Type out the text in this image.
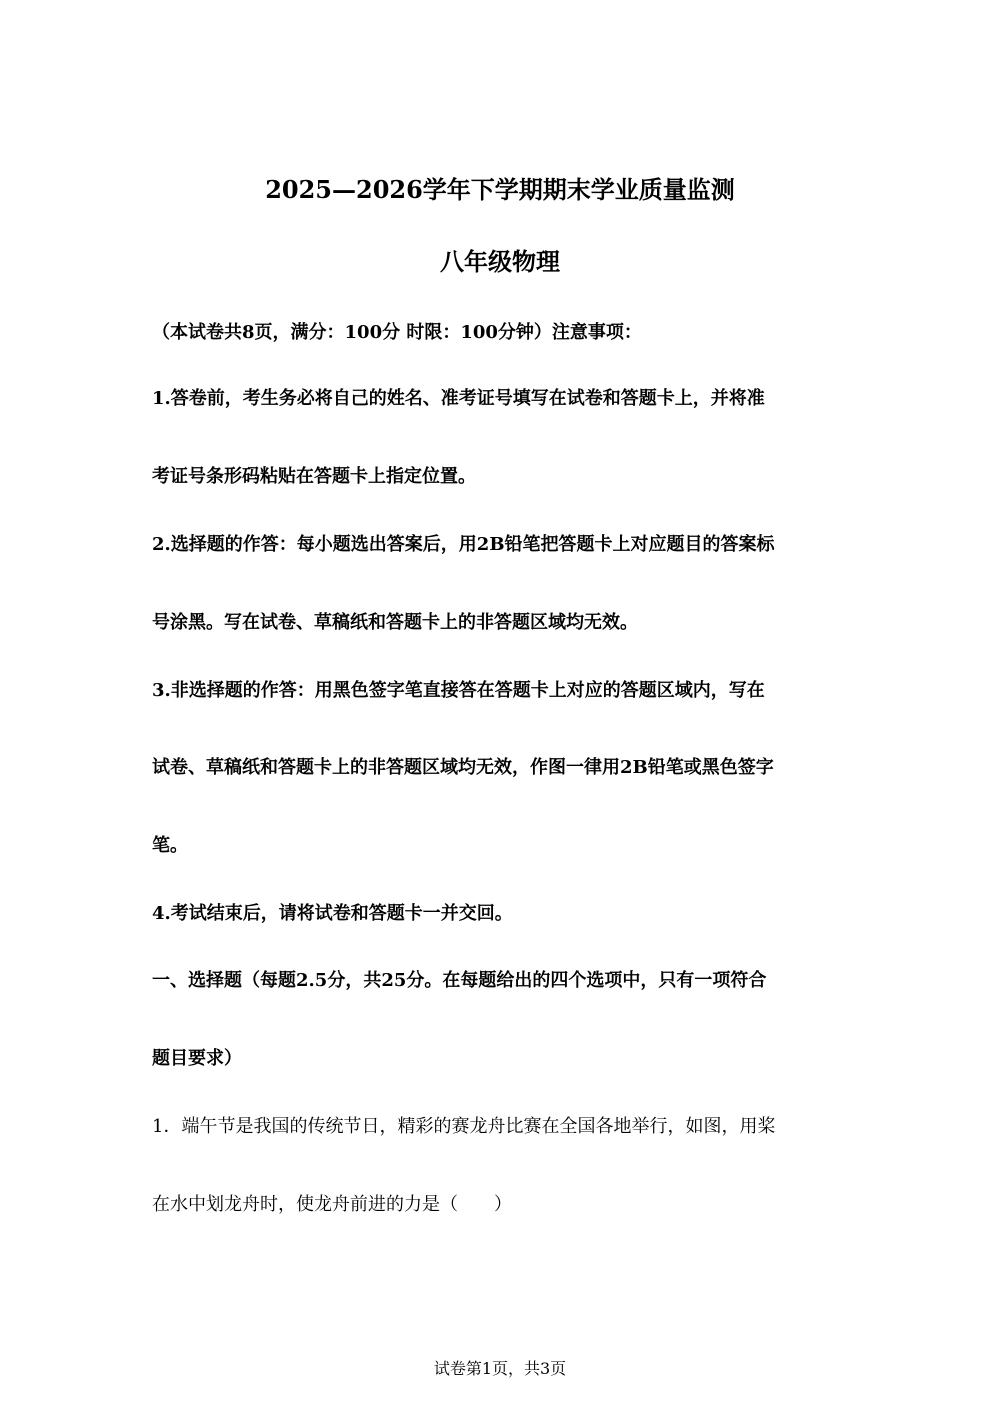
2025—2026学年下学期期末学业质量监测
八年级物理
（本试卷共8页，满分：100分 时限：100分钟）注意事项：
1.答卷前，考生务必将自己的姓名、准考证号填写在试卷和答题卡上，并将准
考证号条形码粘贴在答题卡上指定位置。
2.选择题的作答：每小题选出答案后，用2B铅笔把答题卡上对应题目的答案标
号涂黑。写在试卷、草稿纸和答题卡上的非答题区域均无效。
3.非选择题的作答：用黑色签字笔直接答在答题卡上对应的答题区域内，写在
试卷、草稿纸和答题卡上的非答题区域均无效，作图一律用2B铅笔或黑色签字
笔。
4.考试结束后，请将试卷和答题卡一并交回。
一、选择题（每题2.5分，共25分。在每题给出的四个选项中，只有一项符合
题目要求）
1．端午节是我国的传统节日，精彩的赛龙舟比赛在全国各地举行，如图，用桨
在水中划龙舟时，使龙舟前进的力是（　　）
试卷第1页，共3页
